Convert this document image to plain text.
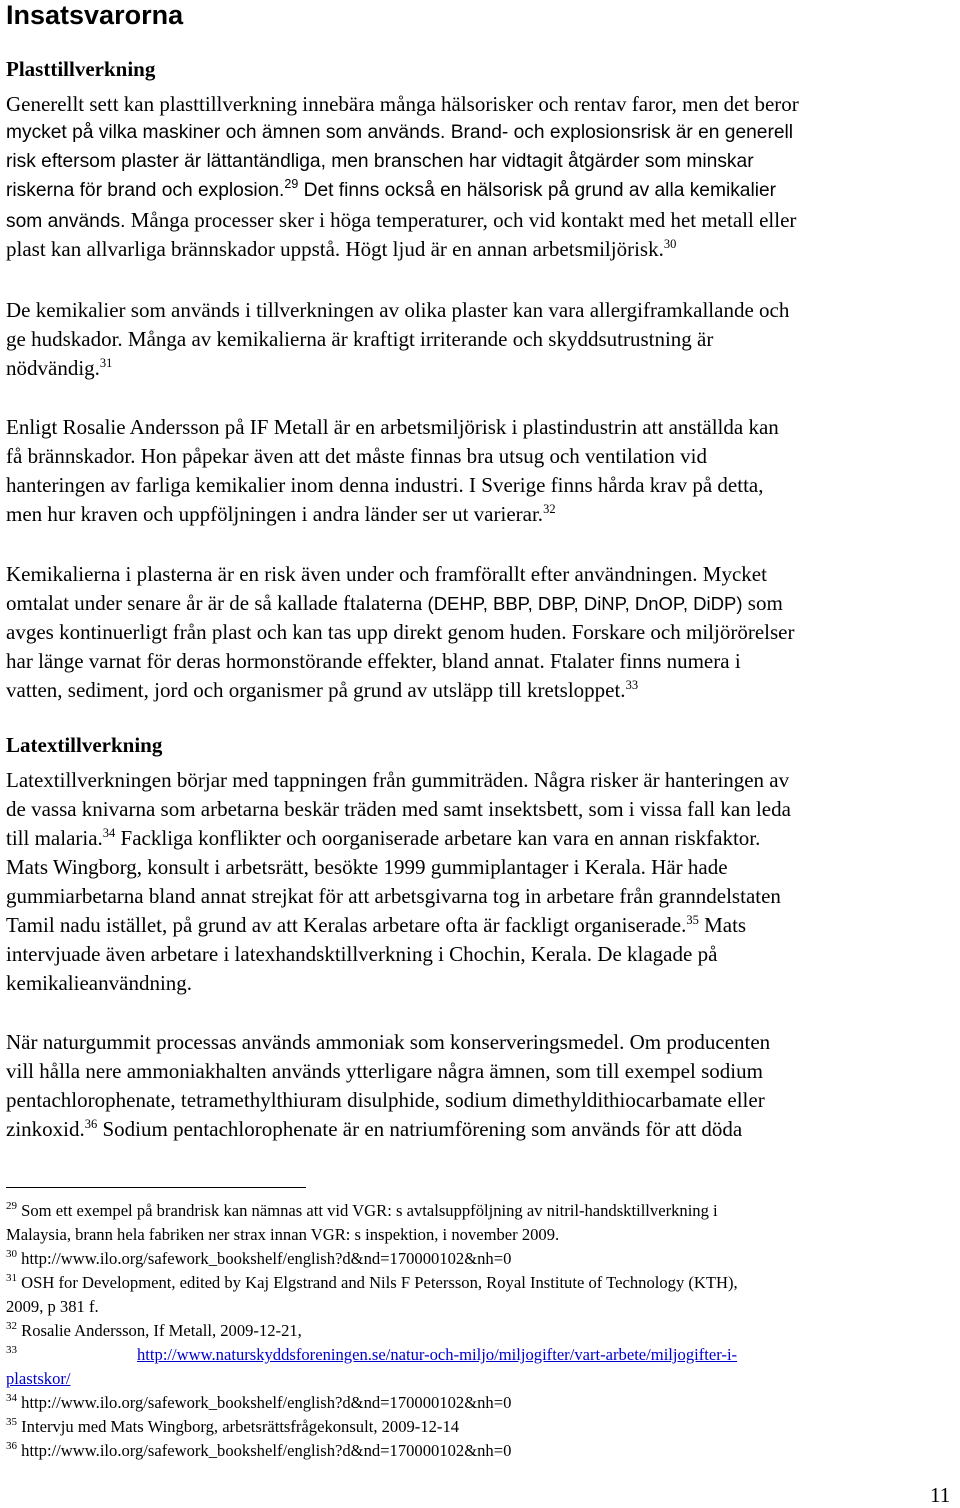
Insatsvarorna
Plasttillverkning
Generellt sett kan plasttillverkning innebära många hälsorisker och rentav faror, men det beror
mycket på vilka maskiner och ämnen som används. Brand- och explosionsrisk är en generell
risk eftersom plaster är lättantändliga, men branschen har vidtagit åtgärder som minskar
riskerna för brand och explosion.$^{29}$ Det finns också en hälsorisk på grund av alla kemikalier
som används. Många processer sker i höga temperaturer, och vid kontakt med het metall eller
plast kan allvarliga brännskador uppstå. Högt ljud är en annan arbetsmiljörisk.$^{30}$
De kemikalier som används i tillverkningen av olika plaster kan vara allergiframkallande och
ge hudskador. Många av kemikalierna är kraftigt irriterande och skyddsutrustning är
nödvändig.$^{31}$
Enligt Rosalie Andersson på IF Metall är en arbetsmiljörisk i plastindustrin att anställda kan
få brännskador. Hon påpekar även att det måste finnas bra utsug och ventilation vid
hanteringen av farliga kemikalier inom denna industri. I Sverige finns hårda krav på detta,
men hur kraven och uppföljningen i andra länder ser ut varierar.$^{32}$
Kemikalierna i plasterna är en risk även under och framförallt efter användningen. Mycket
omtalat under senare år är de så kallade ftalaterna (DEHP, BBP, DBP, DiNP, DnOP, DiDP) som
avges kontinuerligt från plast och kan tas upp direkt genom huden. Forskare och miljörörelser
har länge varnat för deras hormonstörande effekter, bland annat. Ftalater finns numera i
vatten, sediment, jord och organismer på grund av utsläpp till kretsloppet.$^{33}$
Latextillverkning
Latextillverkningen börjar med tappningen från gummiträden. Några risker är hanteringen av
de vassa knivarna som arbetarna beskär träden med samt insektsbett, som i vissa fall kan leda
till malaria.$^{34}$ Fackliga konflikter och oorganiserade arbetare kan vara en annan riskfaktor.
Mats Wingborg, konsult i arbetsrätt, besökte 1999 gummiplantager i Kerala. Här hade
gummiarbetarna bland annat strejkat för att arbetsgivarna tog in arbetare från granndelstaten
Tamil nadu istället, på grund av att Keralas arbetare ofta är fackligt organiserade.$^{35}$ Mats
intervjuade även arbetare i latexhandsktillverkning i Chochin, Kerala. De klagade på
kemikalieanvändning.
När naturgummit processas används ammoniak som konserveringsmedel. Om producenten
vill hålla nere ammoniakhalten används ytterligare några ämnen, som till exempel sodium
pentachlorophenate, tetramethylthiuram disulphide, sodium dimethyldithiocarbamate eller
zinkoxid.$^{36}$ Sodium pentachlorophenate är en natriumförening som används för att döda
$^{29}$ Som ett exempel på brandrisk kan nämnas att vid VGR: s avtalsuppföljning av nitril-handsktillverkning i
Malaysia, brann hela fabriken ner strax innan VGR: s inspektion, i november 2009.
$^{30}$ http://www.ilo.org/safework_bookshelf/english?d&nd=170000102&nh=0
$^{31}$ OSH for Development, edited by Kaj Elgstrand and Nils F Petersson, Royal Institute of Technology (KTH),
2009, p 381 f.
$^{32}$ Rosalie Andersson, If Metall, 2009-12-21,
$^{33}$	http://www.naturskyddsforeningen.se/natur-och-miljo/miljogifter/vart-arbete/miljogifter-i-
plastskor/
$^{34}$ http://www.ilo.org/safework_bookshelf/english?d&nd=170000102&nh=0
$^{35}$ Intervju med Mats Wingborg, arbetsrättsfrågekonsult, 2009-12-14
$^{36}$ http://www.ilo.org/safework_bookshelf/english?d&nd=170000102&nh=0
11
